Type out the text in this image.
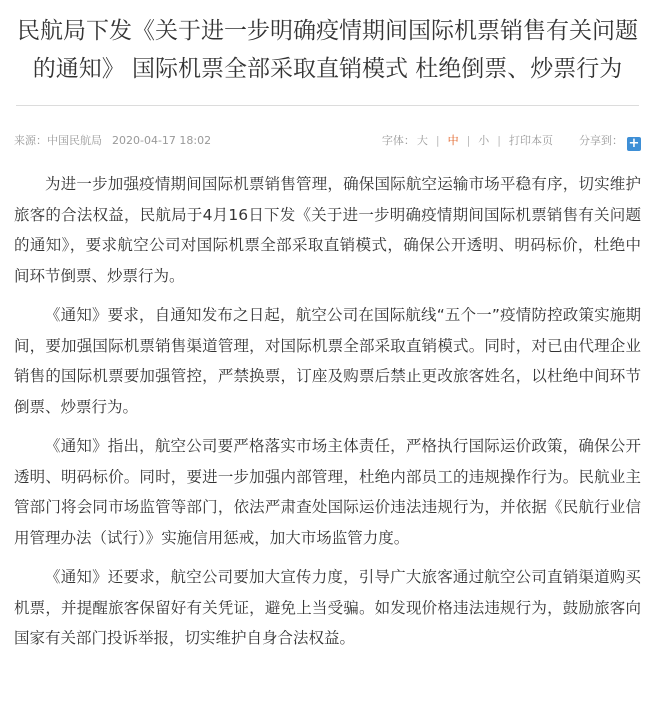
民航局下发《关于进一步明确疫情期间国际机票销售有关问题的通知》 国际机票全部采取直销模式 杜绝倒票、炒票行为
来源：中国民航局 2020-04-17 18:02	字体： 大 | 中 | 小 | 打印本页 分享到： +

为进一步加强疫情期间国际机票销售管理，确保国际航空运输市场平稳有序，切实维护旅客的合法权益，民航局于4月16日下发《关于进一步明确疫情期间国际机票销售有关问题的通知》，要求航空公司对国际机票全部采取直销模式，确保公开透明、明码标价，杜绝中间环节倒票、炒票行为。

《通知》要求，自通知发布之日起，航空公司在国际航线“五个一”疫情防控政策实施期间，要加强国际机票销售渠道管理，对国际机票全部采取直销模式。同时，对已由代理企业销售的国际机票要加强管控，严禁换票，订座及购票后禁止更改旅客姓名，以杜绝中间环节倒票、炒票行为。

《通知》指出，航空公司要严格落实市场主体责任，严格执行国际运价政策，确保公开透明、明码标价。同时，要进一步加强内部管理，杜绝内部员工的违规操作行为。民航业主管部门将会同市场监管等部门，依法严肃查处国际运价违法违规行为，并依据《民航行业信用管理办法（试行）》实施信用惩戒，加大市场监管力度。

《通知》还要求，航空公司要加大宣传力度，引导广大旅客通过航空公司直销渠道购买机票，并提醒旅客保留好有关凭证，避免上当受骗。如发现价格违法违规行为，鼓励旅客向国家有关部门投诉举报，切实维护自身合法权益。
